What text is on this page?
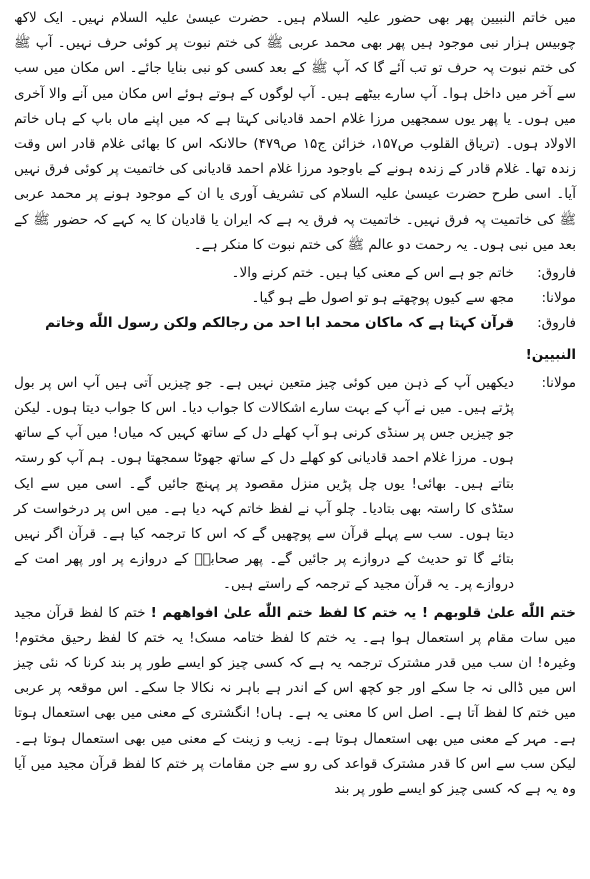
میں خاتم النبیین پھر بھی حضور علیہ السلام ہیں۔ حضرت عیسیٰ علیہ السلام نہیں۔ ایک لاکھ چوبیس ہزار نبی موجود ہیں پھر بھی محمد عربی ﷺ کی ختم نبوت پر کوئی حرف نہیں۔ آپ ﷺ کی ختم نبوت پہ حرف تو تب آئے گا کہ آپ ﷺ کے بعد کسی کو نبی بنایا جائے۔ اس مکان میں سب سے آخر میں داخل ہوا۔ آپ سارے بیٹھے ہیں۔ آپ لوگوں کے ہوتے ہوئے اس مکان میں آنے والا آخری میں ہوں۔ یا پھر یوں سمجھیں مرزا غلام احمد قادیانی کہتا ہے کہ میں اپنے ماں باپ کے ہاں خاتم الاولاد ہوں۔ (تریاق القلوب ص۱۵۷، خزائن ج۱۵ ص۴۷۹) حالانکہ اس کا بھائی غلام قادر اس وقت زندہ تھا۔ غلام قادر کے زندہ ہونے کے باوجود مرزا غلام احمد قادیانی کی خاتمیت پر کوئی فرق نہیں آیا۔ اسی طرح حضرت عیسیٰ علیہ السلام کی تشریف آوری یا ان کے موجود ہونے پر محمد عربی ﷺ کی خاتمیت پہ فرق نہیں۔ خاتمیت پہ فرق یہ ہے کہ ایران یا قادیان کا یہ کہے کہ حضور ﷺ کے بعد میں نبی ہوں۔ یہ رحمت دو عالم ﷺ کی ختم نبوت کا منکر ہے۔

فاروق:
خاتم جو ہے اس کے معنی کیا ہیں۔ ختم کرنے والا۔
مولانا:
مجھ سے کیوں پوچھتے ہو تو اصول طے ہو گیا۔
فاروق:
قرآن کہتا ہے کہ ماکان محمد ابا احد من رجالکم ولکن رسول اللّٰه وخاتم

النبیین!

مولانا:
دیکھیں آپ کے ذہن میں کوئی چیز متعین نہیں ہے۔ جو چیزیں آتی ہیں آپ اس پر بول پڑتے ہیں۔ میں نے آپ کے بہت سارے اشکالات کا جواب دیا۔ اس کا جواب دیتا ہوں۔ لیکن جو چیزیں جس پر سنڈی کرنی ہو آپ کھلے دل کے ساتھ کہیں کہ میاں! میں آپ کے ساتھ ہوں۔ مرزا غلام احمد قادیانی کو کھلے دل کے ساتھ جھوٹا سمجھتا ہوں۔ ہم آپ کو رستہ بتاتے ہیں۔ بھائی! یوں چل پڑیں منزل مقصود پر پہنچ جائیں گے۔ اسی میں سے ایک سٹڈی کا راستہ بھی بتادیا۔ چلو آپ نے لفظ خاتم کہہ دیا ہے۔ میں اس پر درخواست کر دیتا ہوں۔ سب سے پہلے قرآن سے پوچھیں گے کہ اس کا ترجمہ کیا ہے۔ قرآن اگر نہیں بتائے گا تو حدیث کے دروازے پر جائیں گے۔ پھر صحابہؓ کے دروازے پر اور پھر امت کے دروازے پر۔ یہ قرآن مجید کے ترجمہ کے راستے ہیں۔

ختم اللّٰه علیٰ قلوبهم ! یہ ختم کا لفظ ختم اللّٰه علیٰ افواههم ! ختم کا لفظ قرآن مجید میں سات مقام پر استعمال ہوا ہے۔ یہ ختم کا لفظ ختامہ مسک! یہ ختم کا لفظ رحیق مختوم! وغیرہ! ان سب میں قدر مشترک ترجمہ یہ ہے کہ کسی چیز کو ایسے طور پر بند کرنا کہ نئی چیز اس میں ڈالی نہ جا سکے اور جو کچھ اس کے اندر ہے باہر نہ نکالا جا سکے۔ اس موقعہ پر عربی میں ختم کا لفظ آتا ہے۔ اصل اس کا معنی یہ ہے۔ ہاں! انگشتری کے معنی میں بھی استعمال ہوتا ہے۔ مہر کے معنی میں بھی استعمال ہوتا ہے۔ زیب و زینت کے معنی میں بھی استعمال ہوتا ہے۔ لیکن سب سے اس کا قدر مشترک قواعد کی رو سے جن مقامات پر ختم کا لفظ قرآن مجید میں آیا وہ یہ ہے کہ کسی چیز کو ایسے طور پر بند
